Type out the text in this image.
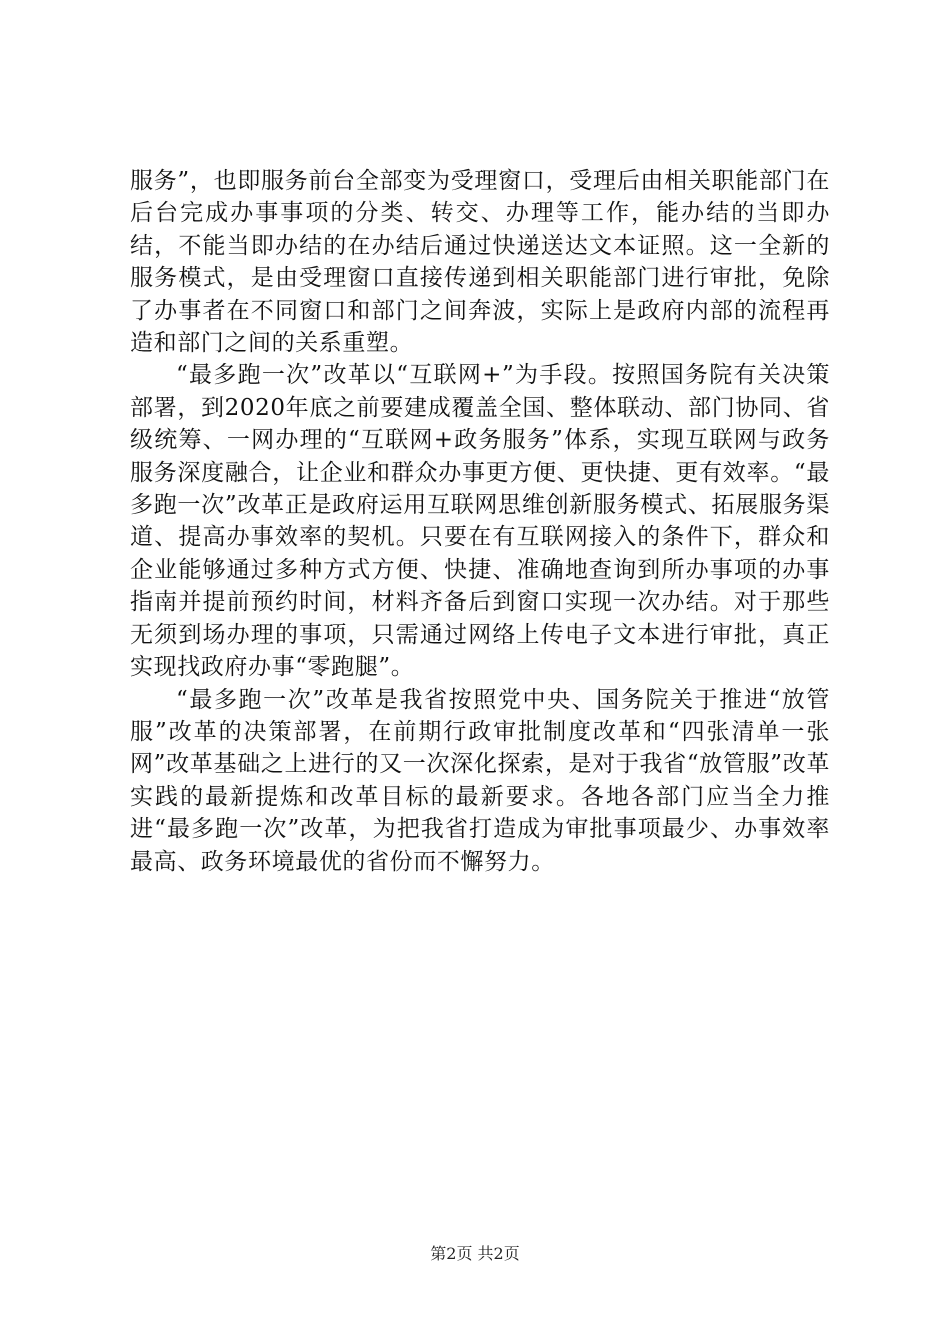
服务”，也即服务前台全部变为受理窗口，受理后由相关职能部门在后台完成办事事项的分类、转交、办理等工作，能办结的当即办结，不能当即办结的在办结后通过快递送达文本证照。这一全新的服务模式，是由受理窗口直接传递到相关职能部门进行审批，免除了办事者在不同窗口和部门之间奔波，实际上是政府内部的流程再造和部门之间的关系重塑。

“最多跑一次”改革以“互联网+”为手段。按照国务院有关决策部署，到2020年底之前要建成覆盖全国、整体联动、部门协同、省级统筹、一网办理的“互联网+政务服务”体系，实现互联网与政务服务深度融合，让企业和群众办事更方便、更快捷、更有效率。“最多跑一次”改革正是政府运用互联网思维创新服务模式、拓展服务渠道、提高办事效率的契机。只要在有互联网接入的条件下，群众和企业能够通过多种方式方便、快捷、准确地查询到所办事项的办事指南并提前预约时间，材料齐备后到窗口实现一次办结。对于那些无须到场办理的事项，只需通过网络上传电子文本进行审批，真正实现找政府办事“零跑腿”。

“最多跑一次”改革是我省按照党中央、国务院关于推进“放管服”改革的决策部署，在前期行政审批制度改革和“四张清单一张网”改革基础之上进行的又一次深化探索，是对于我省“放管服”改革实践的最新提炼和改革目标的最新要求。各地各部门应当全力推进“最多跑一次”改革，为把我省打造成为审批事项最少、办事效率最高、政务环境最优的省份而不懈努力。

第2页 共2页
